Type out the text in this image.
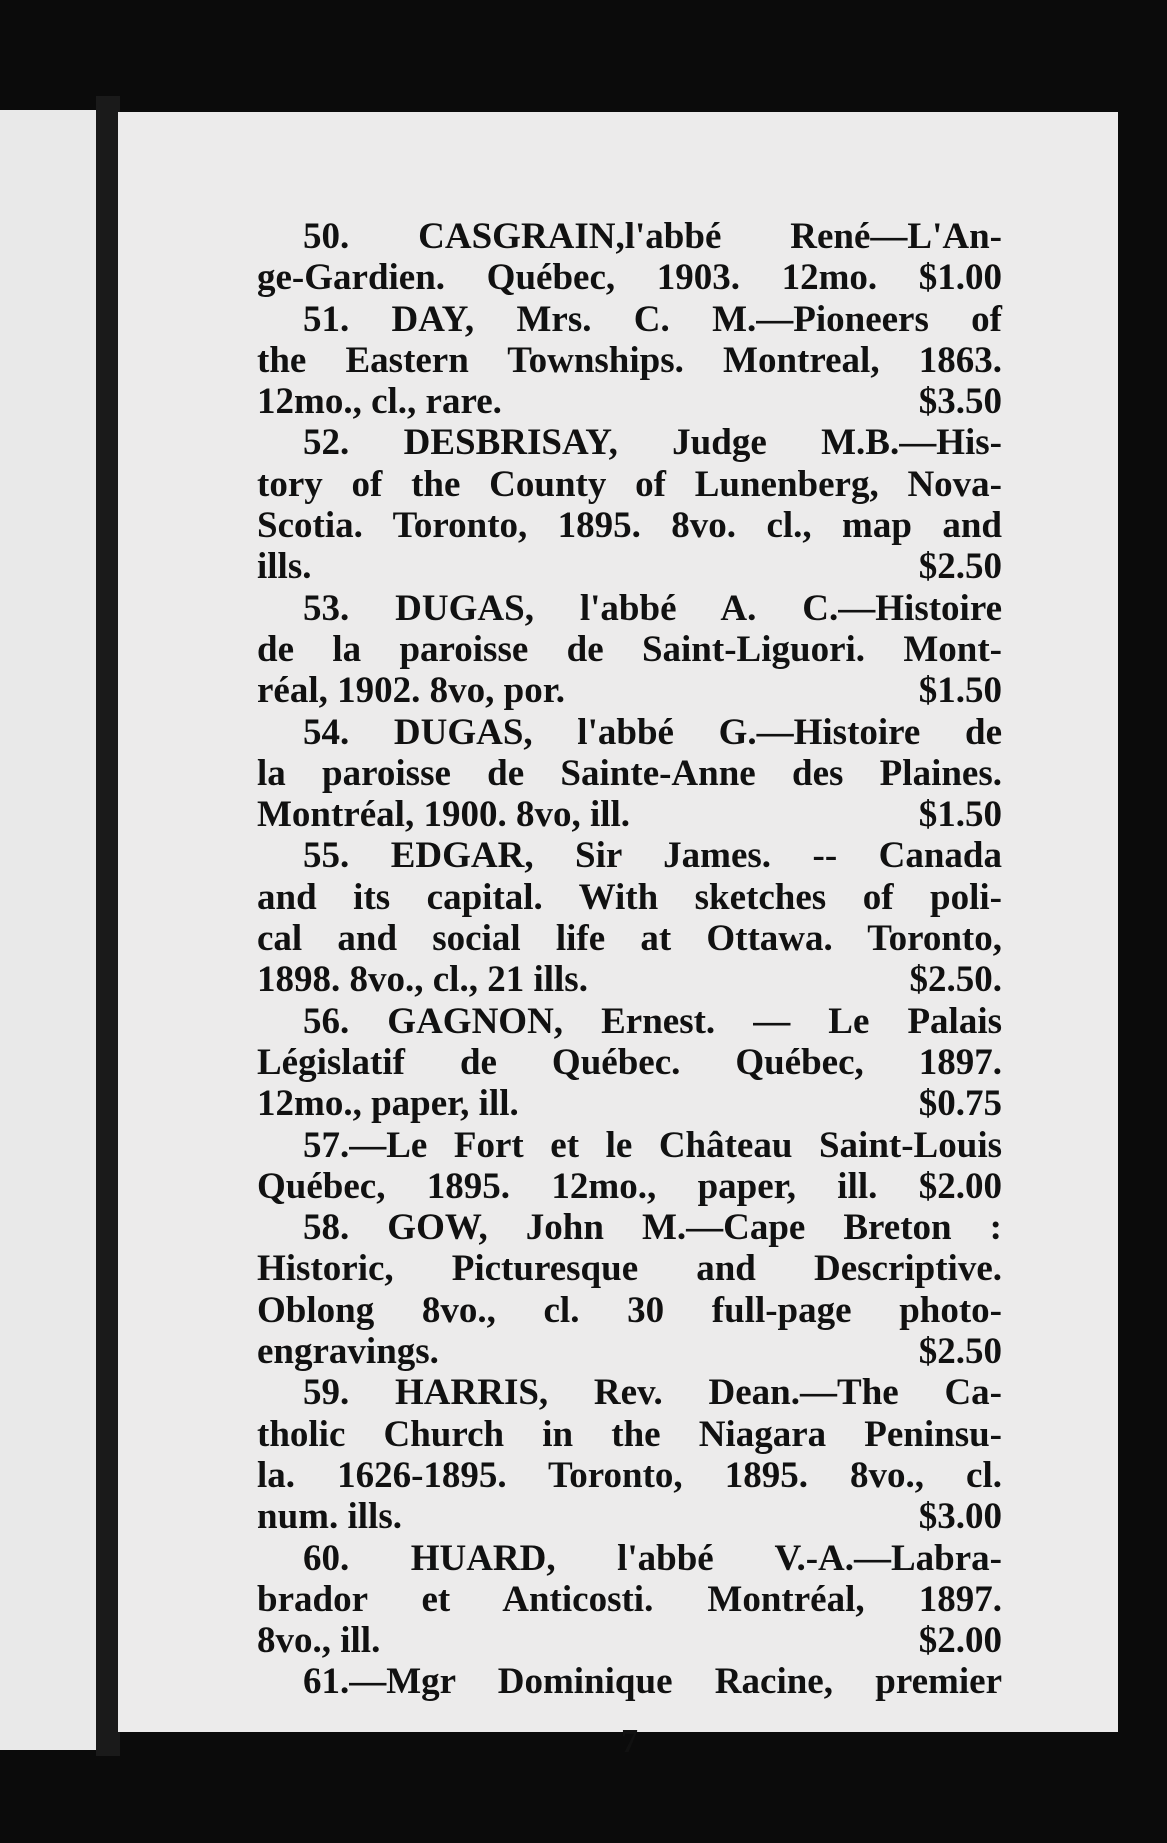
50. CASGRAIN,l'abbé René—L'An-
ge-Gardien. Québec, 1903. 12mo. $1.00
51. DAY, Mrs. C. M.—Pioneers of
the Eastern Townships. Montreal, 1863.
12mo., cl., rare.	$3.50
52. DESBRISAY, Judge M.B.—His-
tory of the County of Lunenberg, Nova-
Scotia. Toronto, 1895. 8vo. cl., map and
ills.	$2.50
53. DUGAS, l'abbé A. C.—Histoire
de la paroisse de Saint-Liguori. Mont-
réal, 1902. 8vo, por.	$1.50
54. DUGAS, l'abbé G.—Histoire de
la paroisse de Sainte-Anne des Plaines.
Montréal, 1900. 8vo, ill.	$1.50
55. EDGAR, Sir James. -- Canada
and its capital. With sketches of poli-
cal and social life at Ottawa. Toronto,
1898. 8vo., cl., 21 ills.	$2.50.
56. GAGNON, Ernest. — Le Palais
Législatif de Québec. Québec, 1897.
12mo., paper, ill.	$0.75
57.—Le Fort et le Château Saint-Louis
Québec, 1895. 12mo., paper, ill. $2.00
58. GOW, John M.—Cape Breton :
Historic, Picturesque and Descriptive.
Oblong 8vo., cl. 30 full-page photo-
engravings.	$2.50
59. HARRIS, Rev. Dean.—The Ca-
tholic Church in the Niagara Peninsu-
la. 1626-1895. Toronto, 1895. 8vo., cl.
num. ills.	$3.00
60. HUARD, l'abbé V.-A.—Labra-
brador et Anticosti. Montréal, 1897.
8vo., ill.	$2.00
61.—Mgr Dominique Racine, premier
7
